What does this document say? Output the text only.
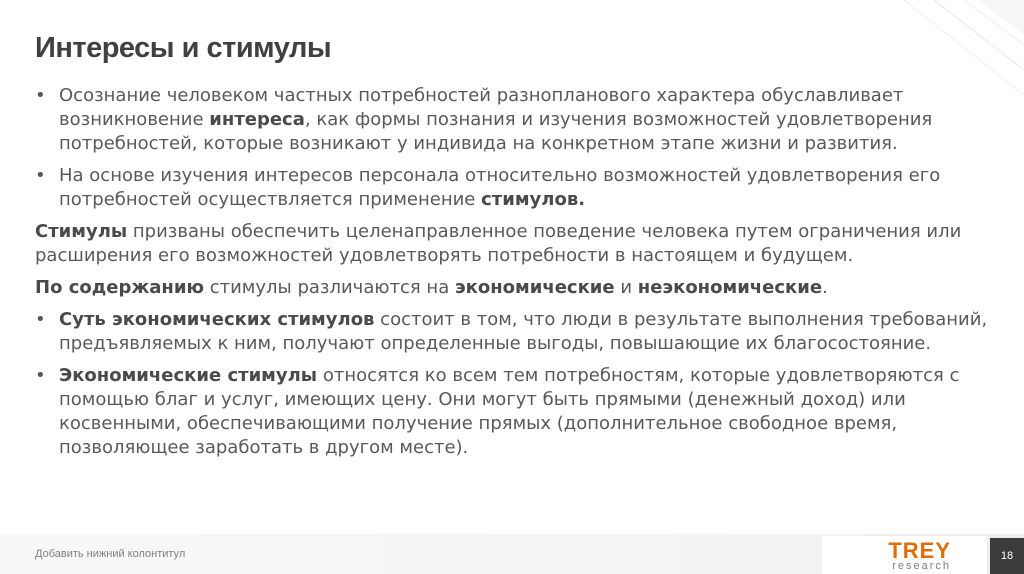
Интересы и стимулы
• Осознание человеком частных потребностей разнопланового характера обуславливает возникновение интереса, как формы познания и изучения возможностей удовлетворения потребностей, которые возникают у индивида на конкретном этапе жизни и развития.
• На основе изучения интересов персонала относительно возможностей удовлетворения его потребностей осуществляется применение стимулов.
Стимулы призваны обеспечить целенаправленное поведение человека путем ограничения или расширения его возможностей удовлетворять потребности в настоящем и будущем.
По содержанию стимулы различаются на экономические и неэкономические.
• Суть экономических стимулов состоит в том, что люди в результате выполнения требований, предъявляемых к ним, получают определенные выгоды, повышающие их благосостояние.
• Экономические стимулы относятся ко всем тем потребностям, которые удовлетворяются с помощью благ и услуг, имеющих цену. Они могут быть прямыми (денежный доход) или косвенными, обеспечивающими получение прямых (дополнительное свободное время, позволяющее заработать в другом месте).
Добавить нижний колонтитул	TREY
research
18
